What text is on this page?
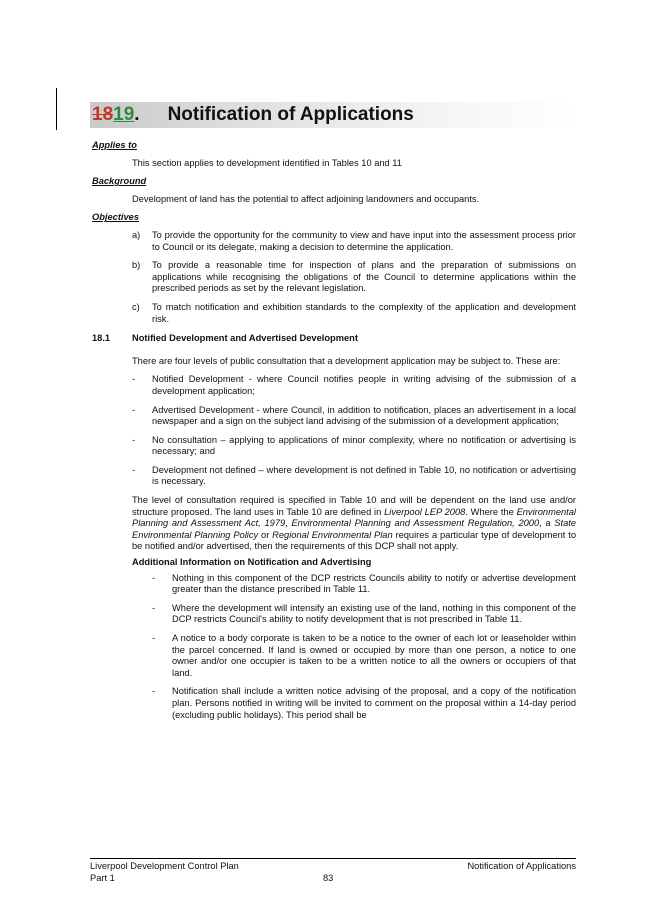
1819. Notification of Applications
Applies to

This section applies to development identified in Tables 10 and 11

Background

Development of land has the potential to affect adjoining landowners and occupants.

Objectives
a) To provide the opportunity for the community to view and have input into the assessment process prior to Council or its delegate, making a decision to determine the application.
b) To provide a reasonable time for inspection of plans and the preparation of submissions on applications while recognising the obligations of the Council to determine applications within the prescribed periods as set by the relevant legislation.
c) To match notification and exhibition standards to the complexity of the application and development risk.
18.1 Notified Development and Advertised Development

There are four levels of public consultation that a development application may be subject to. These are:

- Notified Development - where Council notifies people in writing advising of the submission of a development application;
- Advertised Development - where Council, in addition to notification, places an advertisement in a local newspaper and a sign on the subject land advising of the submission of a development application;
- No consultation – applying to applications of minor complexity, where no notification or advertising is necessary; and
- Development not defined – where development is not defined in Table 10, no notification or advertising is necessary.

The level of consultation required is specified in Table 10 and will be dependent on the land use and/or structure proposed. The land uses in Table 10 are defined in Liverpool LEP 2008. Where the Environmental Planning and Assessment Act, 1979, Environmental Planning and Assessment Regulation, 2000, a State Environmental Planning Policy or Regional Environmental Plan requires a particular type of development to be notified and/or advertised, then the requirements of this DCP shall not apply.

Additional Information on Notification and Advertising
- Nothing in this component of the DCP restricts Councils ability to notify or advertise development greater than the distance prescribed in Table 11.
- Where the development will intensify an existing use of the land, nothing in this component of the DCP restricts Council's ability to notify development that is not prescribed in Table 11.
- A notice to a body corporate is taken to be a notice to the owner of each lot or leaseholder within the parcel concerned. If land is owned or occupied by more than one person, a notice to one owner and/or one occupier is taken to be a written notice to all the owners or occupiers of that land.
- Notification shall include a written notice advising of the proposal, and a copy of the notification plan. Persons notified in writing will be invited to comment on the proposal within a 14-day period (excluding public holidays). This period shall be
Liverpool Development Control Plan
Part 1
Notification of Applications
83
